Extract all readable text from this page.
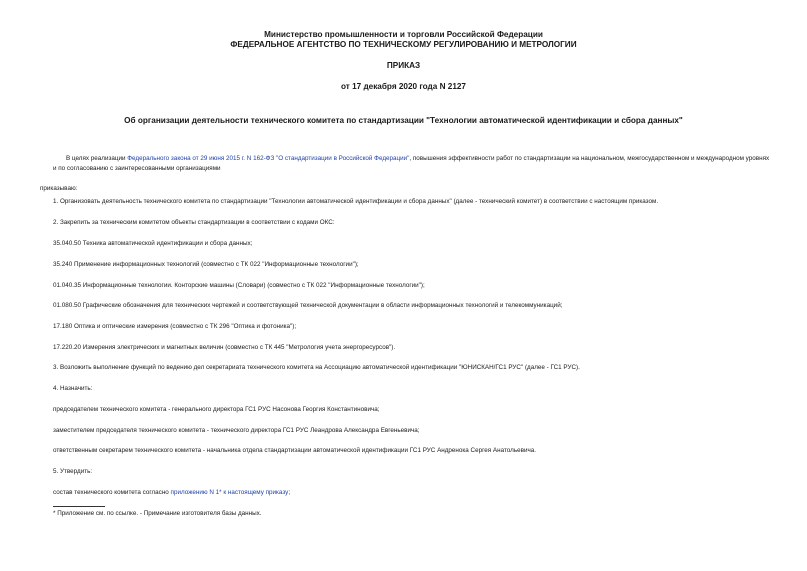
Министерство промышленности и торговли Российской Федерации
ФЕДЕРАЛЬНОЕ АГЕНТСТВО ПО ТЕХНИЧЕСКОМУ РЕГУЛИРОВАНИЮ И МЕТРОЛОГИИ
ПРИКАЗ
от 17 декабря 2020 года N 2127
Об организации деятельности технического комитета по стандартизации "Технологии автоматической идентификации и сбора данных"
В целях реализации Федерального закона от 29 июня 2015 г. N 162-ФЗ "О стандартизации в Российской Федерации", повышения эффективности работ по стандартизации на национальном, межгосударственном и международном уровнях и по согласованию с заинтересованными организациями
приказываю:
1. Организовать деятельность технического комитета по стандартизации "Технологии автоматической идентификации и сбора данных" (далее - технический комитет) в соответствии с настоящим приказом.
2. Закрепить за техническим комитетом объекты стандартизации в соответствии с кодами ОКС:
35.040.50 Техника автоматической идентификации и сбора данных;
35.240 Применение информационных технологий (совместно с ТК 022 "Информационные технологии");
01.040.35 Информационные технологии. Конторские машины (Словари) (совместно с ТК 022 "Информационные технологии");
01.080.50 Графические обозначения для технических чертежей и соответствующей технической документации в области информационных технологий и телекоммуникаций;
17.180 Оптика и оптические измерения (совместно с ТК 296 "Оптика и фотоника");
17.220.20 Измерения электрических и магнитных величин (совместно с ТК 445 "Метрология учета энергоресурсов").
3. Возложить выполнение функций по ведению дел секретариата технического комитета на Ассоциацию автоматической идентификации "ЮНИСКАН/ГС1 РУС" (далее - ГС1 РУС).
4. Назначить:
председателем технического комитета - генерального директора ГС1 РУС Насонова Георгия Константиновича;
заместителем председателя технического комитета - технического директора ГС1 РУС Леандрова Александра Евгеньевича;
ответственным секретарем технического комитета - начальника отдела стандартизации автоматической идентификации ГС1 РУС Андренока Сергея Анатольевича.
5. Утвердить:
состав технического комитета согласно приложению N 1* к настоящему приказу;
* Приложение см. по ссылке. - Примечание изготовителя базы данных.
